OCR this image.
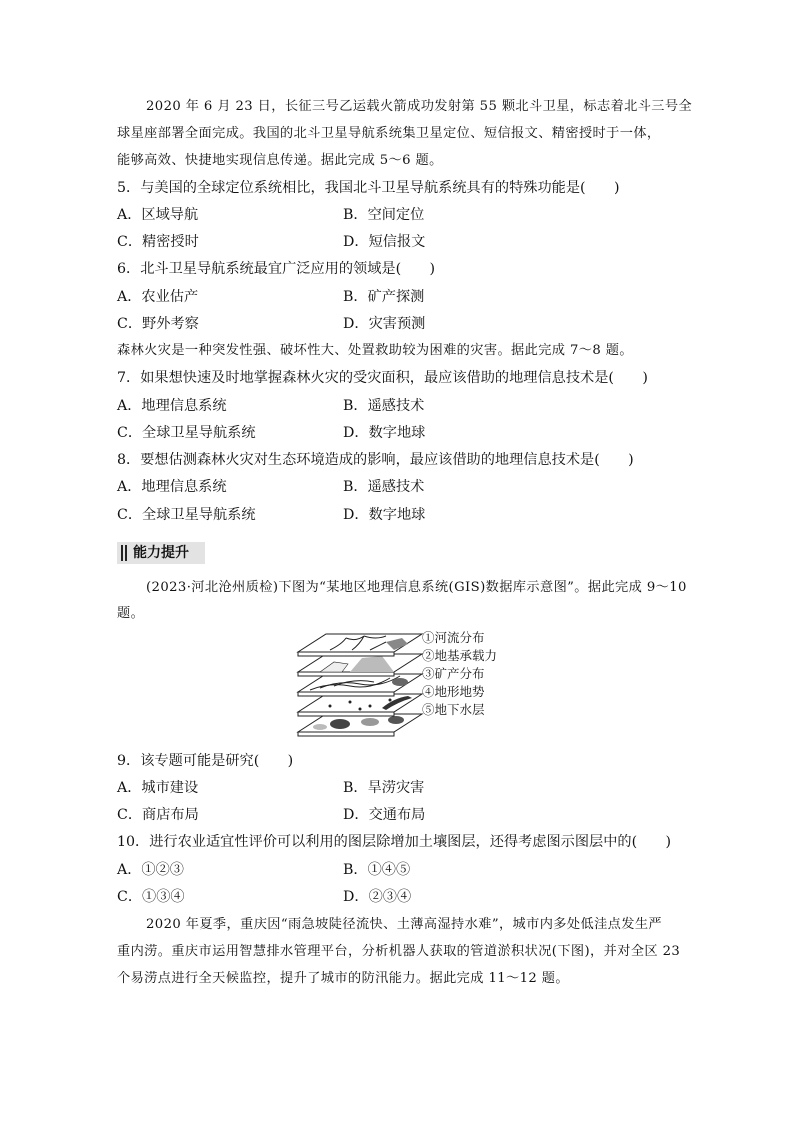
2020 年 6 月 23 日，长征三号乙运载火箭成功发射第 55 颗北斗卫星，标志着北斗三号全
球星座部署全面完成。我国的北斗卫星导航系统集卫星定位、短信报文、精密授时于一体，
能够高效、快捷地实现信息传递。据此完成 5～6 题。
5．与美国的全球定位系统相比，我国北斗卫星导航系统具有的特殊功能是(　　)
A．区域导航	B．空间定位
C．精密授时	D．短信报文
6．北斗卫星导航系统最宜广泛应用的领域是(　　)
A．农业估产	B．矿产探测
C．野外考察	D．灾害预测
森林火灾是一种突发性强、破坏性大、处置救助较为困难的灾害。据此完成 7～8 题。
7．如果想快速及时地掌握森林火灾的受灾面积，最应该借助的地理信息技术是(　　)
A．地理信息系统	B．遥感技术
C．全球卫星导航系统	D．数字地球
8．要想估测森林火灾对生态环境造成的影响，最应该借助的地理信息技术是(　　)
A．地理信息系统	B．遥感技术
C．全球卫星导航系统	D．数字地球
能力提升
(2023·河北沧州质检)下图为“某地区地理信息系统(GIS)数据库示意图”。据此完成 9～10
题。
①河流分布
②地基承载力
③矿产分布
④地形地势
⑤地下水层
9．该专题可能是研究(　　)
A．城市建设	B．旱涝灾害
C．商店布局	D．交通布局
10．进行农业适宜性评价可以利用的图层除增加土壤图层，还得考虑图示图层中的(　　)
A．①②③	B．①④⑤
C．①③④	D．②③④
2020 年夏季，重庆因“雨急坡陡径流快、土薄高湿持水难”，城市内多处低洼点发生严
重内涝。重庆市运用智慧排水管理平台，分析机器人获取的管道淤积状况(下图)，并对全区 23
个易涝点进行全天候监控，提升了城市的防汛能力。据此完成 11～12 题。
